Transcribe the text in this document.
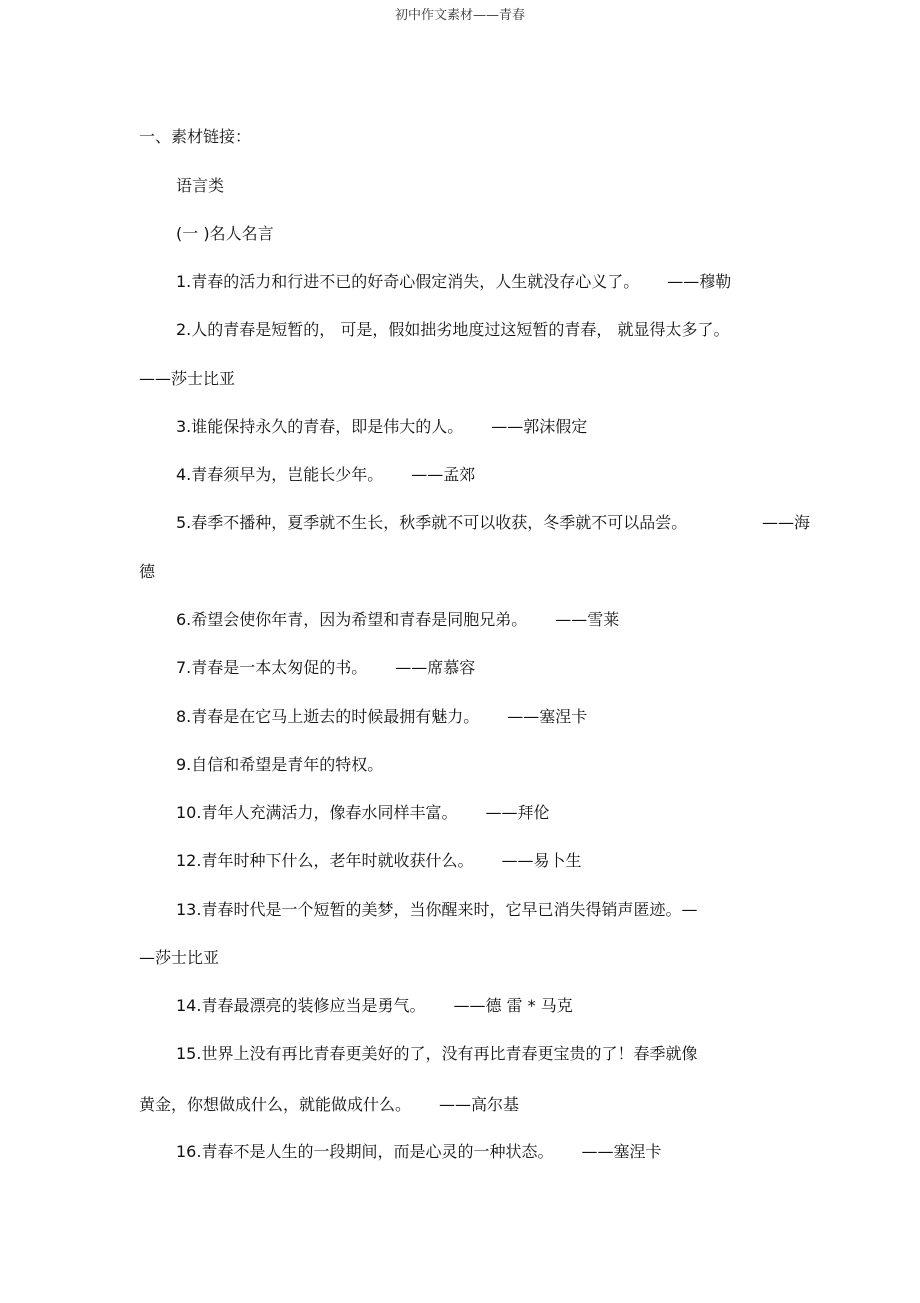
初中作文素材——青春
一、素材链接：
语言类
(一 )名人名言
1.青春的活力和行进不已的好奇心假定消失，人生就没存心义了。 ——穆勒
2.人的青春是短暂的， 可是，假如拙劣地度过这短暂的青春， 就显得太多了。
——莎士比亚
3.谁能保持永久的青春，即是伟大的人。 ——郭沫假定
4.青春须早为，岂能长少年。 ——孟郊
5.春季不播种，夏季就不生长，秋季就不可以收获，冬季就不可以品尝。	——海
德
6.希望会使你年青，因为希望和青春是同胞兄弟。 ——雪莱
7.青春是一本太匆促的书。 ——席慕容
8.青春是在它马上逝去的时候最拥有魅力。 ——塞涅卡
9.自信和希望是青年的特权。
10.青年人充满活力，像春水同样丰富。 ——拜伦
12.青年时种下什么，老年时就收获什么。 ——易卜生
13.青春时代是一个短暂的美梦，当你醒来时，它早已消失得销声匿迹。—
—莎士比亚
14.青春最漂亮的装修应当是勇气。 ——德 雷 * 马克
15.世界上没有再比青春更美好的了，没有再比青春更宝贵的了！春季就像
黄金，你想做成什么，就能做成什么。 ——高尔基
16.青春不是人生的一段期间，而是心灵的一种状态。 ——塞涅卡
